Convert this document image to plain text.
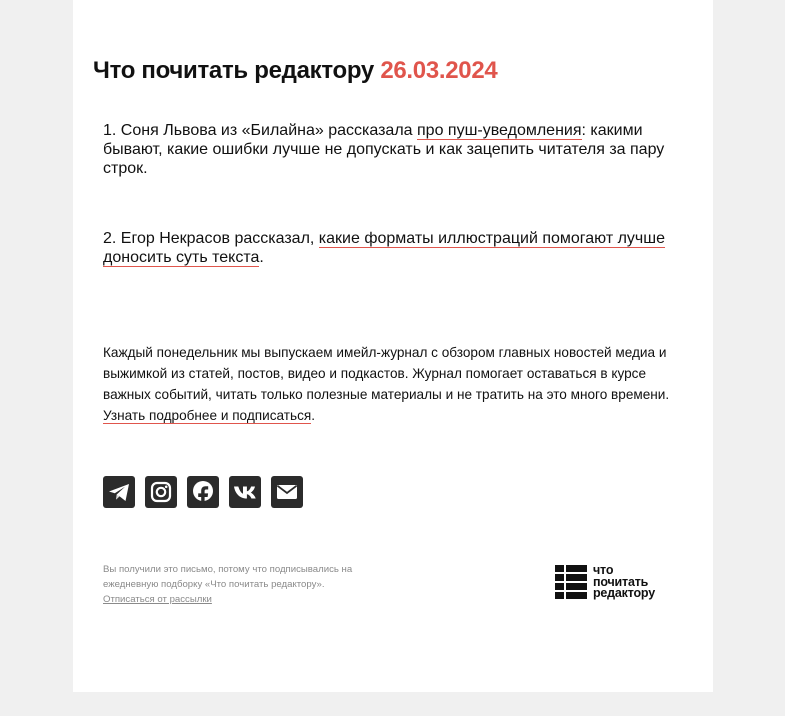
Что почитать редактору 26.03.2024

1. Соня Львова из «Билайна» рассказала про пуш-уведомления: какими бывают, какие ошибки лучше не допускать и как зацепить читателя за пару строк.

2. Егор Некрасов рассказал, какие форматы иллюстраций помогают лучше доносить суть текста.

Каждый понедельник мы выпускаем имейл-журнал с обзором главных новостей медиа и выжимкой из статей, постов, видео и подкастов. Журнал помогает оставаться в курсе важных событий, читать только полезные материалы и не тратить на это много времени. Узнать подробнее и подписаться.

Вы получили это письмо, потому что подписывались на ежедневную подборку «Что почитать редактору».
Отписаться от рассылки

что
почитать
редактору
